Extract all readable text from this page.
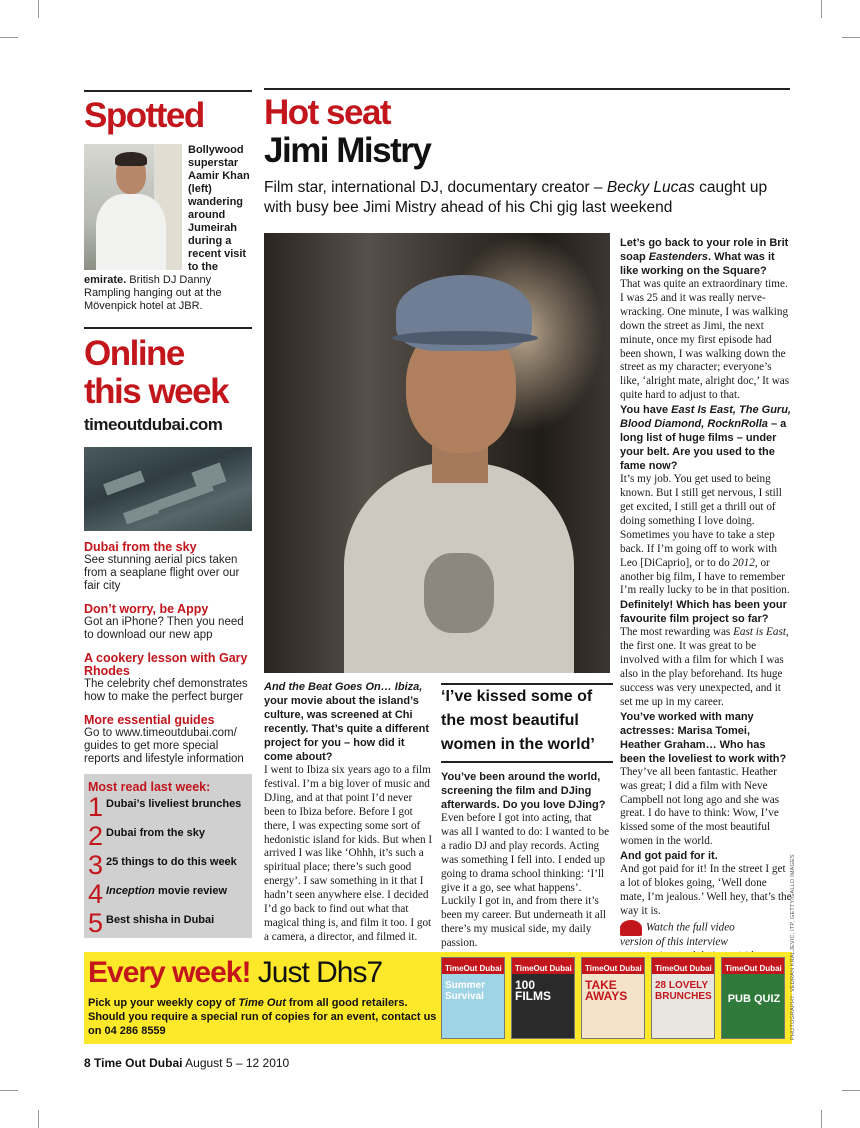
Spotted
Bollywood superstar Aamir Khan (left) wandering around Jumeirah during a recent visit to the emirate. British DJ Danny Rampling hanging out at the Mövenpick hotel at JBR.
Online
this week
timeoutdubai.com
Dubai from the sky
See stunning aerial pics taken from a seaplane flight over our fair city
Don’t worry, be Appy
Got an iPhone? Then you need to download our new app
A cookery lesson with Gary Rhodes
The celebrity chef demonstrates how to make the perfect burger
More essential guides
Go to www.timeoutdubai.com/ guides to get more special reports and lifestyle information
Most read last week:
1 Dubai’s liveliest brunches
2 Dubai from the sky
3 25 things to do this week
4 Inception movie review
5 Best shisha in Dubai
Hot seat
Jimi Mistry
Film star, international DJ, documentary creator – Becky Lucas caught up with busy bee Jimi Mistry ahead of his Chi gig last weekend
And the Beat Goes On… Ibiza, your movie about the island’s culture, was screened at Chi recently. That’s quite a different project for you – how did it come about?
I went to Ibiza six years ago to a film festival. I’m a big lover of music and DJing, and at that point I’d never been to Ibiza before. Before I got there, I was expecting some sort of hedonistic island for kids. But when I arrived I was like ‘Ohhh, it’s such a spiritual place; there’s such good energy’. I saw something in it that I hadn’t seen anywhere else. I decided I’d go back to find out what that magical thing is, and film it too. I got a camera, a director, and filmed it.
‘I’ve kissed some of the most beautiful women in the world’
You’ve been around the world, screening the film and DJing afterwards. Do you love DJing?
Even before I got into acting, that was all I wanted to do: I wanted to be a radio DJ and play records. Acting was something I fell into. I ended up going to drama school thinking: ‘I’ll give it a go, see what happens’. Luckily I got in, and from there it’s been my career. But underneath it all there’s my musical side, my daily passion.
Let’s go back to your role in Brit soap Eastenders. What was it like working on the Square?
That was quite an extraordinary time. I was 25 and it was really nerve-wracking. One minute, I was walking down the street as Jimi, the next minute, once my first episode had been shown, I was walking down the street as my character; everyone’s like, ‘alright mate, alright doc,’ It was quite hard to adjust to that.
You have East Is East, The Guru, Blood Diamond, RocknRolla – a long list of huge films – under your belt. Are you used to the fame now?
It’s my job. You get used to being known. But I still get nervous, I still get excited, I still get a thrill out of doing something I love doing. Sometimes you have to take a step back. If I’m going off to work with Leo [DiCaprio], or to do 2012, or another big film, I have to remember I’m really lucky to be in that position.
Definitely! Which has been your favourite film project so far?
The most rewarding was East is East, the first one. It was great to be involved with a film for which I was also in the play beforehand. Its huge success was very unexpected, and it set me up in my career.
You’ve worked with many actresses: Marisa Tomei, Heather Graham… Who has been the loveliest to work with?
They’ve all been fantastic. Heather was great; I did a film with Neve Campbell not long ago and she was great. I do have to think: Wow, I’ve kissed some of the most beautiful women in the world.
And got paid for it.
And got paid for it! In the street I get a lot of blokes going, ‘Well done mate, I’m jealous.’ Well hey, that’s the way it is.
Watch the full video
version of this interview
Every week! Just Dhs7
Pick up your weekly copy of Time Out from all good retailers. Should you require a special run of copies for an event, contact us on 04 286 8559
TimeOut Dubai
Summer Survival
TimeOut Dubai
100 FILMS
TimeOut Dubai
TAKE AWAYS
TimeOut Dubai
28 LOVELY BRUNCHES
TimeOut Dubai
PUB QUIZ
8 Time Out Dubai August 5 – 12 2010
PHOTOGRAPHY: VEDRAN KRALJEVIC, ITP, GETTY/GALLO IMAGES
